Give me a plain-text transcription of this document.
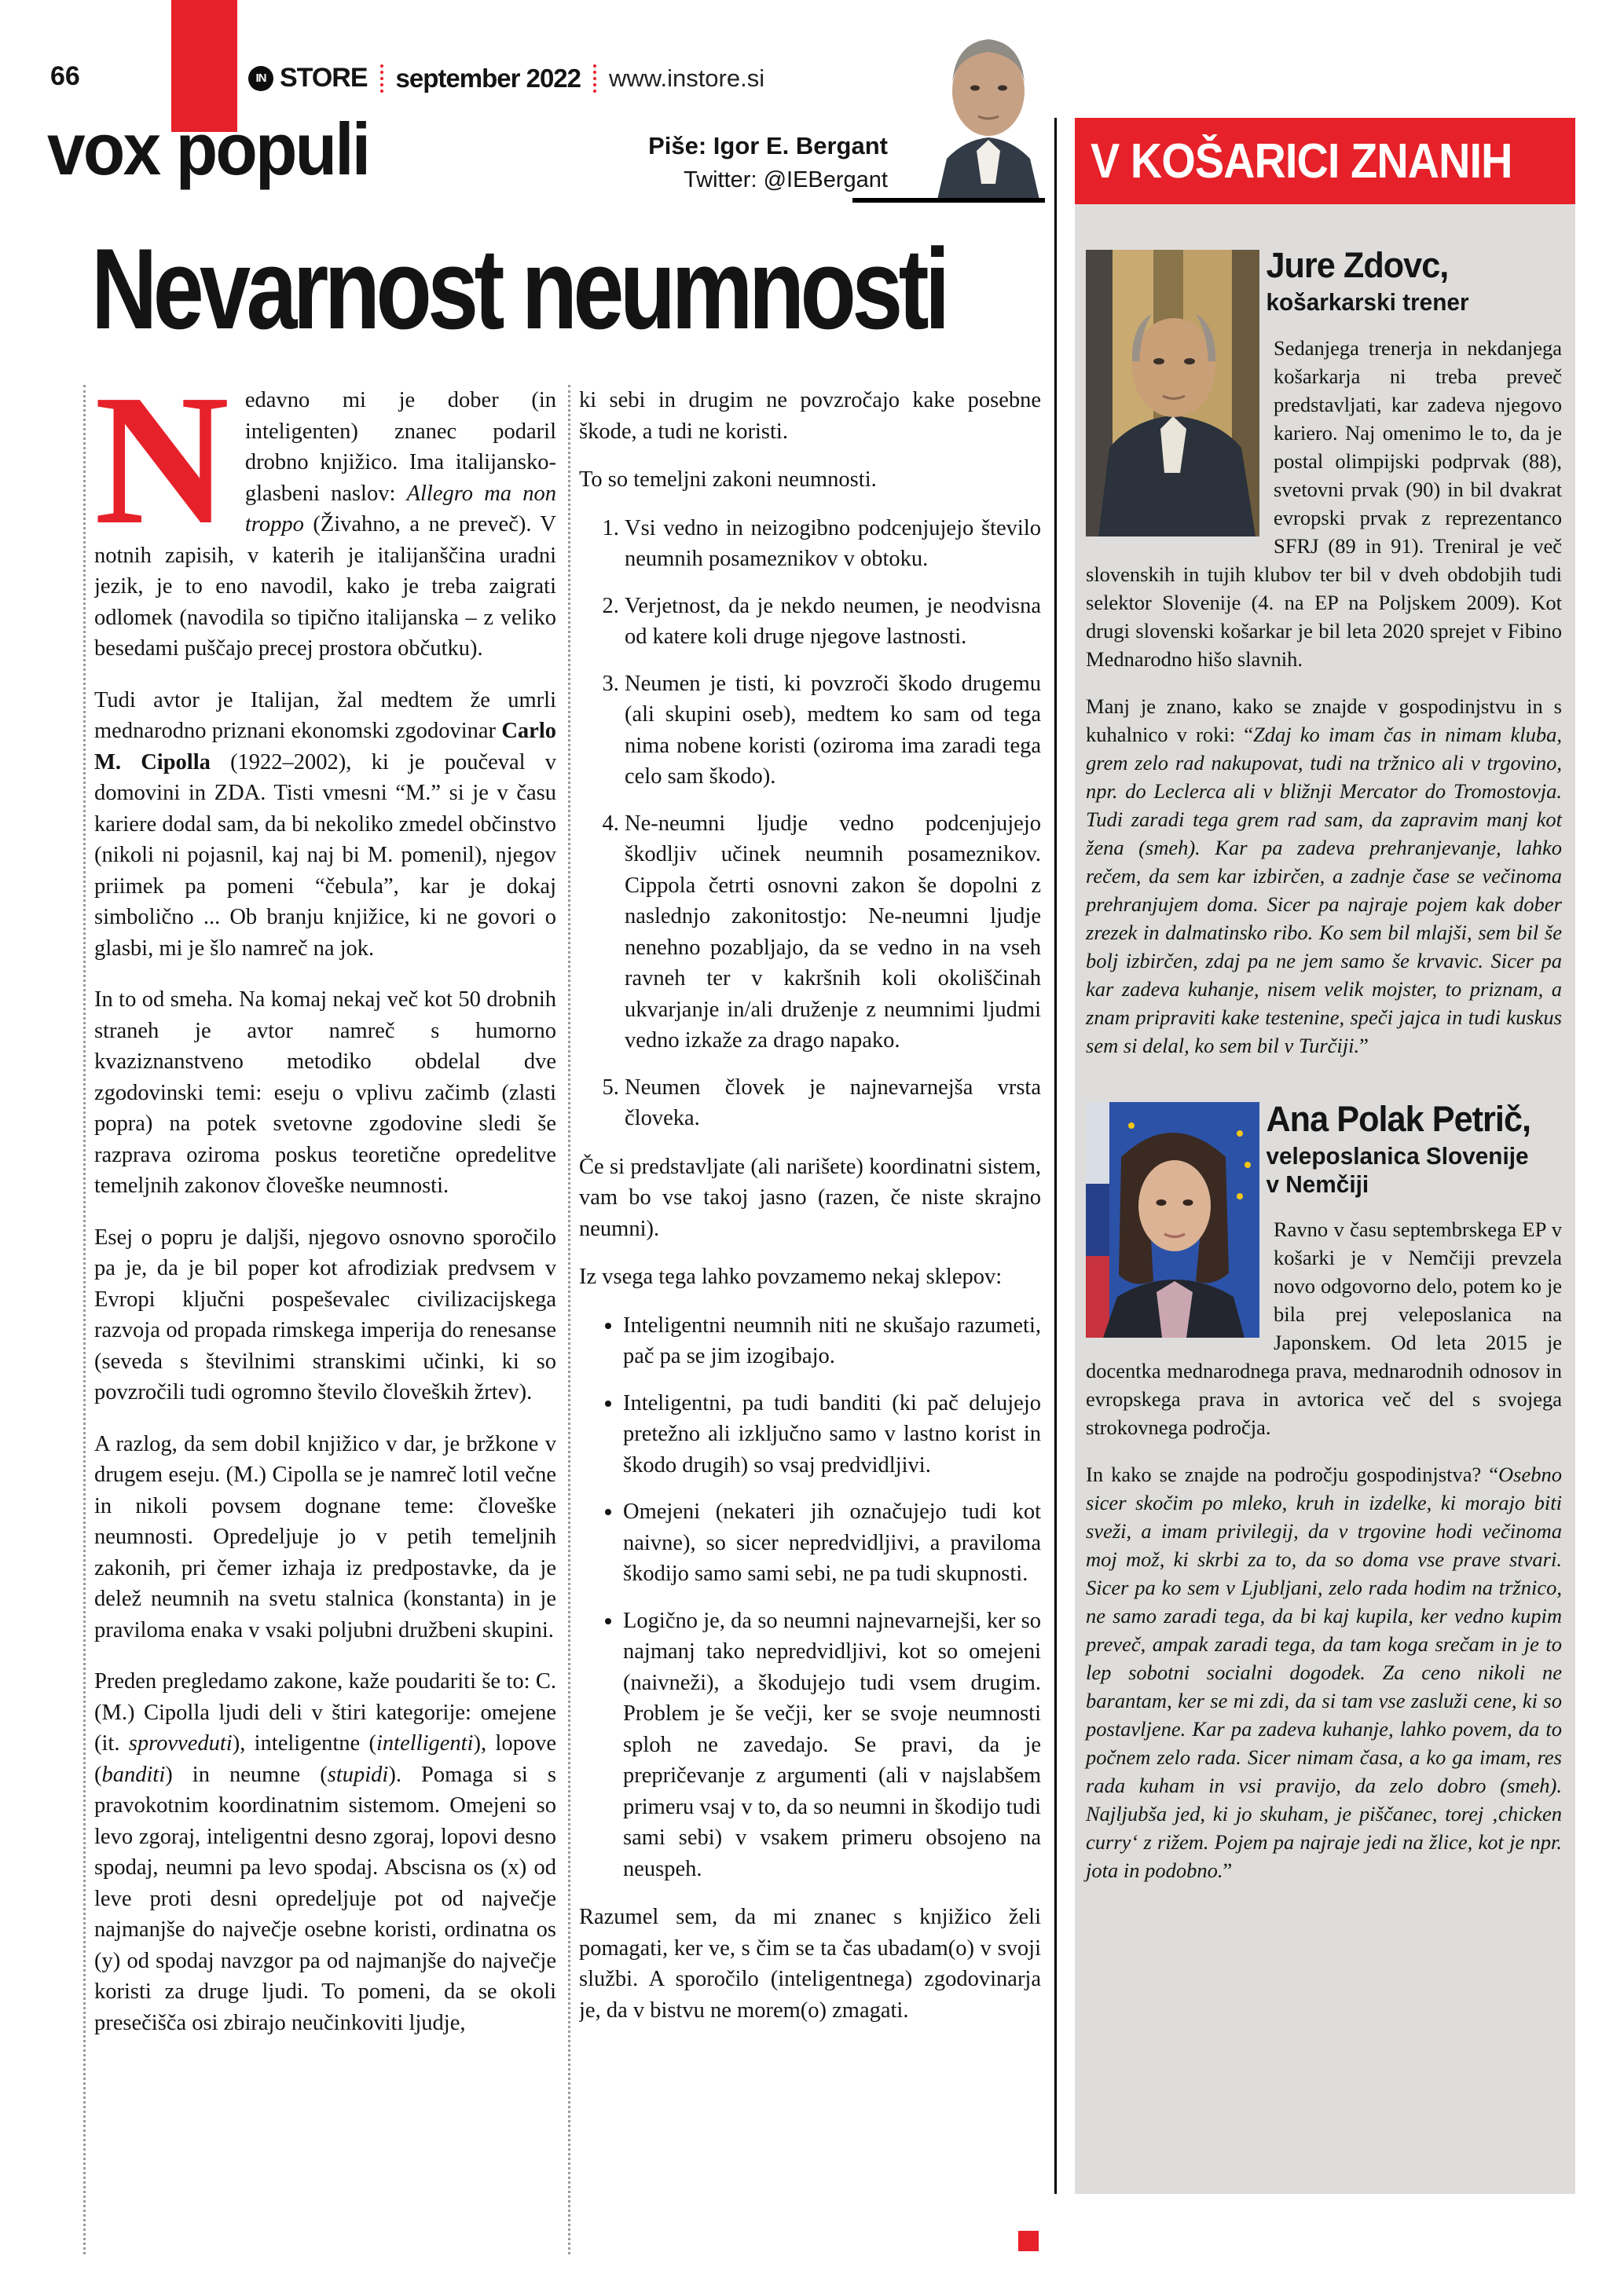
66	IN STORE september 2022 www.instore.si
vox populi	Piše: Igor E. Bergant
Twitter: @IEBergant
Nevarnost neumnosti

Nedavno mi je dober (in inteligenten) znanec podaril drobno knjižico. Ima italijansko-glasbeni naslov: Allegro ma non troppo (Živahno, a ne preveč). V notnih zapisih, v katerih je italijanščina uradni jezik, je to eno navodil, kako je treba zaigrati odlomek (navodila so tipično italijanska – z veliko besedami puščajo precej prostora občutku).

Tudi avtor je Italijan, žal medtem že umrli mednarodno priznani ekonomski zgodovinar Carlo M. Cipolla (1922–2002), ki je poučeval v domovini in ZDA. Tisti vmesni “M.” si je v času kariere dodal sam, da bi nekoliko zmedel občinstvo (nikoli ni pojasnil, kaj naj bi M. pomenil), njegov priimek pa pomeni “čebula”, kar je dokaj simbolično ... Ob branju knjižice, ki ne govori o glasbi, mi je šlo namreč na jok.

In to od smeha. Na komaj nekaj več kot 50 drobnih straneh je avtor namreč s humorno kvaziznanstveno metodiko obdelal dve zgodovinski temi: eseju o vplivu začimb (zlasti popra) na potek svetovne zgodovine sledi še razprava oziroma poskus teoretične opredelitve temeljnih zakonov človeške neumnosti.

Esej o popru je daljši, njegovo osnovno sporočilo pa je, da je bil poper kot afrodiziak predvsem v Evropi ključni pospeševalec civilizacijskega razvoja od propada rimskega imperija do renesanse (seveda s številnimi stranskimi učinki, ki so povzročili tudi ogromno število človeških žrtev).

A razlog, da sem dobil knjižico v dar, je bržkone v drugem eseju. (M.) Cipolla se je namreč lotil večne in nikoli povsem dognane teme: človeške neumnosti. Opredeljuje jo v petih temeljnih zakonih, pri čemer izhaja iz predpostavke, da je delež neumnih na svetu stalnica (konstanta) in je praviloma enaka v vsaki poljubni družbeni skupini.

Preden pregledamo zakone, kaže poudariti še to: C. (M.) Cipolla ljudi deli v štiri kategorije: omejene (it. sprovveduti), inteligentne (intelligenti), lopove (banditi) in neumne (stupidi). Pomaga si s pravokotnim koordinatnim sistemom. Omejeni so levo zgoraj, inteligentni desno zgoraj, lopovi desno spodaj, neumni pa levo spodaj. Abscisna os (x) od leve proti desni opredeljuje pot od največje najmanjše do največje osebne koristi, ordinatna os (y) od spodaj navzgor pa od najmanjše do največje koristi za druge ljudi. To pomeni, da se okoli presečišča osi zbirajo neučinkoviti ljudje,

ki sebi in drugim ne povzročajo kake posebne škode, a tudi ne koristi.

To so temeljni zakoni neumnosti.

1. Vsi vedno in neizogibno podcenjujejo število neumnih posameznikov v obtoku.
2. Verjetnost, da je nekdo neumen, je neodvisna od katere koli druge njegove lastnosti.
3. Neumen je tisti, ki povzroči škodo drugemu (ali skupini oseb), medtem ko sam od tega nima nobene koristi (oziroma ima zaradi tega celo sam škodo).
4. Ne-neumni ljudje vedno podcenjujejo škodljiv učinek neumnih posameznikov. Cippola četrti osnovni zakon še dopolni z naslednjo zakonitostjo: Ne-neumni ljudje nenehno pozabljajo, da se vedno in na vseh ravneh ter v kakršnih koli okoliščinah ukvarjanje in/ali druženje z neumnimi ljudmi vedno izkaže za drago napako.
5. Neumen človek je najnevarnejša vrsta človeka.

Če si predstavljate (ali narišete) koordinatni sistem, vam bo vse takoj jasno (razen, če niste skrajno neumni).

Iz vsega tega lahko povzamemo nekaj sklepov:

• Inteligentni neumnih niti ne skušajo razumeti, pač pa se jim izogibajo.
• Inteligentni, pa tudi banditi (ki pač delujejo pretežno ali izključno samo v lastno korist in škodo drugih) so vsaj predvidljivi.
• Omejeni (nekateri jih označujejo tudi kot naivne), so sicer nepredvidljivi, a praviloma škodijo samo sami sebi, ne pa tudi skupnosti.
• Logično je, da so neumni najnevarnejši, ker so najmanj tako nepredvidljivi, kot so omejeni (naivneži), a škodujejo tudi vsem drugim. Problem je še večji, ker se svoje neumnosti sploh ne zavedajo. Se pravi, da je prepričevanje z argumenti (ali v najslabšem primeru vsaj v to, da so neumni in škodijo tudi sami sebi) v vsakem primeru obsojeno na neuspeh.

Razumel sem, da mi znanec s knjižico želi pomagati, ker ve, s čim se ta čas ubadam(o) v svoji službi. A sporočilo (inteligentnega) zgodovinarja je, da v bistvu ne morem(o) zmagati.

V KOŠARICI ZNANIH
Jure Zdovc,
košarkarski trener

Sedanjega trenerja in nekdanjega košarkarja ni treba preveč predstavljati, kar zadeva njegovo kariero. Naj omenimo le to, da je postal olimpijski podprvak (88), svetovni prvak (90) in bil dvakrat evropski prvak z reprezentanco SFRJ (89 in 91). Treniral je več slovenskih in tujih klubov ter bil v dveh obdobjih tudi selektor Slovenije (4. na EP na Poljskem 2009). Kot drugi slovenski košarkar je bil leta 2020 sprejet v Fibino Mednarodno hišo slavnih.

Manj je znano, kako se znajde v gospodinjstvu in s kuhalnico v roki: “Zdaj ko imam čas in nimam kluba, grem zelo rad nakupovat, tudi na tržnico ali v trgovino, npr. do Leclerca ali v bližnji Mercator do Tromostovja. Tudi zaradi tega grem rad sam, da zapravim manj kot žena (smeh). Kar pa zadeva prehranjevanje, lahko rečem, da sem kar izbirčen, a zadnje čase se večinoma prehranjujem doma. Sicer pa najraje pojem kak dober zrezek in dalmatinsko ribo. Ko sem bil mlajši, sem bil še bolj izbirčen, zdaj pa ne jem samo še krvavic. Sicer pa kar zadeva kuhanje, nisem velik mojster, to priznam, a znam pripraviti kake testenine, speči jajca in tudi kuskus sem si delal, ko sem bil v Turčiji.”

Ana Polak Petrič,
veleposlanica Slovenije
v Nemčiji

Ravno v času septembrskega EP v košarki je v Nemčiji prevzela novo odgovorno delo, potem ko je bila prej veleposlanica na Japonskem. Od leta 2015 je docentka mednarodnega prava, mednarodnih odnosov in evropskega prava in avtorica več del s svojega strokovnega področja.

In kako se znajde na področju gospodinjstva? “Osebno sicer skočim po mleko, kruh in izdelke, ki morajo biti sveži, a imam privilegij, da v trgovine hodi večinoma moj mož, ki skrbi za to, da so doma vse prave stvari. Sicer pa ko sem v Ljubljani, zelo rada hodim na tržnico, ne samo zaradi tega, da bi kaj kupila, ker vedno kupim preveč, ampak zaradi tega, da tam koga srečam in je to lep sobotni socialni dogodek. Za ceno nikoli ne barantam, ker se mi zdi, da si tam vse zasluži cene, ki so postavljene. Kar pa zadeva kuhanje, lahko povem, da to počnem zelo rada. Sicer nimam časa, a ko ga imam, res rada kuham in vsi pravijo, da zelo dobro (smeh). Najljubša jed, ki jo skuham, je piščanec, torej ‚chicken curry‘ z rižem. Pojem pa najraje jedi na žlice, kot je npr. jota in podobno.”
